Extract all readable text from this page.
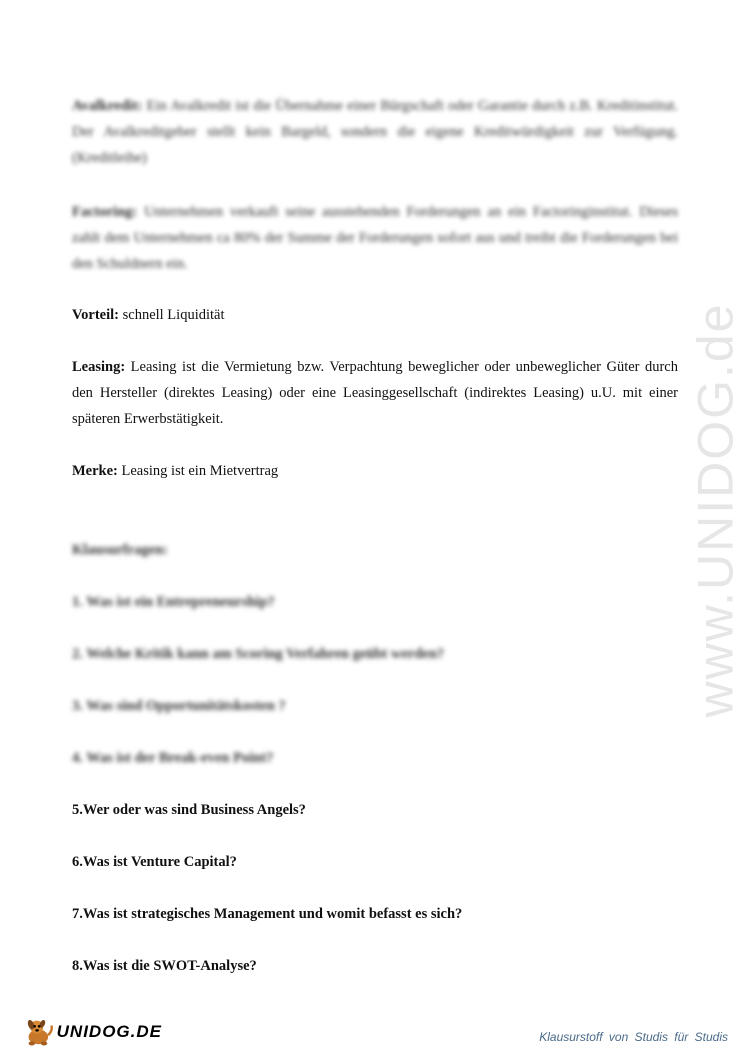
www.UNIDOG.de
Avalkredit: Ein Avalkredit ist die Übernahme einer Bürgschaft oder Garantie durch z.B. Kreditinstitut. Der Avalkreditgeber stellt kein Bargeld, sondern die eigene Kreditwürdigkeit zur Verfügung.(Kreditleihe)
Factoring: Unternehmen verkauft seine ausstehenden Forderungen an ein Factoringinstitut. Dieses zahlt dem Unternehmen ca 80% der Summe der Forderungen sofort aus und treibt die Forderungen bei den Schuldnern ein.
Vorteil: schnell Liquidität
Leasing: Leasing ist die Vermietung bzw. Verpachtung beweglicher oder unbeweglicher Güter durch den Hersteller (direktes Leasing) oder eine Leasinggesellschaft (indirektes Leasing) u.U. mit einer späteren Erwerbstätigkeit.
Merke: Leasing ist ein Mietvertrag
Klausurfragen:
1. Was ist ein Entrepreneurship?
2. Welche Kritik kann am Scoring Verfahren geübt werden?
3. Was sind Opportunitätskosten ?
4. Was ist der Break-even Point?
5.Wer oder was sind Business Angels?
6.Was ist Venture Capital?
7.Was ist strategisches Management und womit befasst es sich?
8.Was ist die SWOT-Analyse?
UNIDOG.DE	Klausurstoff von Studis für Studis
